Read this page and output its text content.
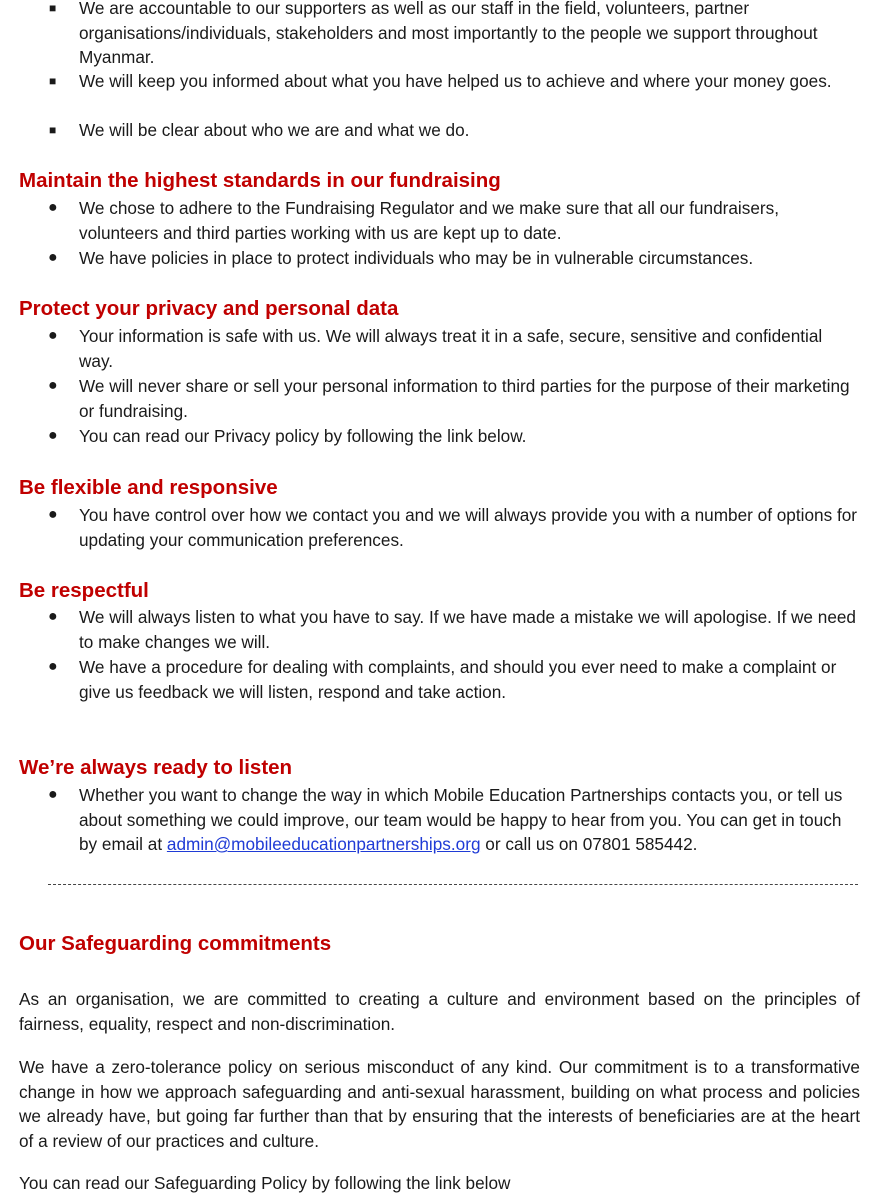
■ We are accountable to our supporters as well as our staff in the field, volunteers, partner organisations/individuals, stakeholders and most importantly to the people we support throughout Myanmar.
■ We will keep you informed about what you have helped us to achieve and where your money goes.
■ We will be clear about who we are and what we do.
Maintain the highest standards in our fundraising
● We chose to adhere to the Fundraising Regulator and we make sure that all our fundraisers, volunteers and third parties working with us are kept up to date.
● We have policies in place to protect individuals who may be in vulnerable circumstances.
Protect your privacy and personal data
● Your information is safe with us. We will always treat it in a safe, secure, sensitive and confidential way.
● We will never share or sell your personal information to third parties for the purpose of their marketing or fundraising.
● You can read our Privacy policy by following the link below.
Be flexible and responsive
● You have control over how we contact you and we will always provide you with a number of options for updating your communication preferences.
Be respectful
● We will always listen to what you have to say. If we have made a mistake we will apologise. If we need to make changes we will.
● We have a procedure for dealing with complaints, and should you ever need to make a complaint or give us feedback we will listen, respond and take action.
We’re always ready to listen
● Whether you want to change the way in which Mobile Education Partnerships contacts you, or tell us about something we could improve, our team would be happy to hear from you. You can get in touch by email at admin@mobileeducationpartnerships.org or call us on 07801 585442.
Our Safeguarding commitments
As an organisation, we are committed to creating a culture and environment based on the principles of fairness, equality, respect and non-discrimination.
We have a zero-tolerance policy on serious misconduct of any kind. Our commitment is to a transformative change in how we approach safeguarding and anti-sexual harassment, building on what process and policies we already have, but going far further than that by ensuring that the interests of beneficiaries are at the heart of a review of our practices and culture.
You can read our Safeguarding Policy by following the link below
